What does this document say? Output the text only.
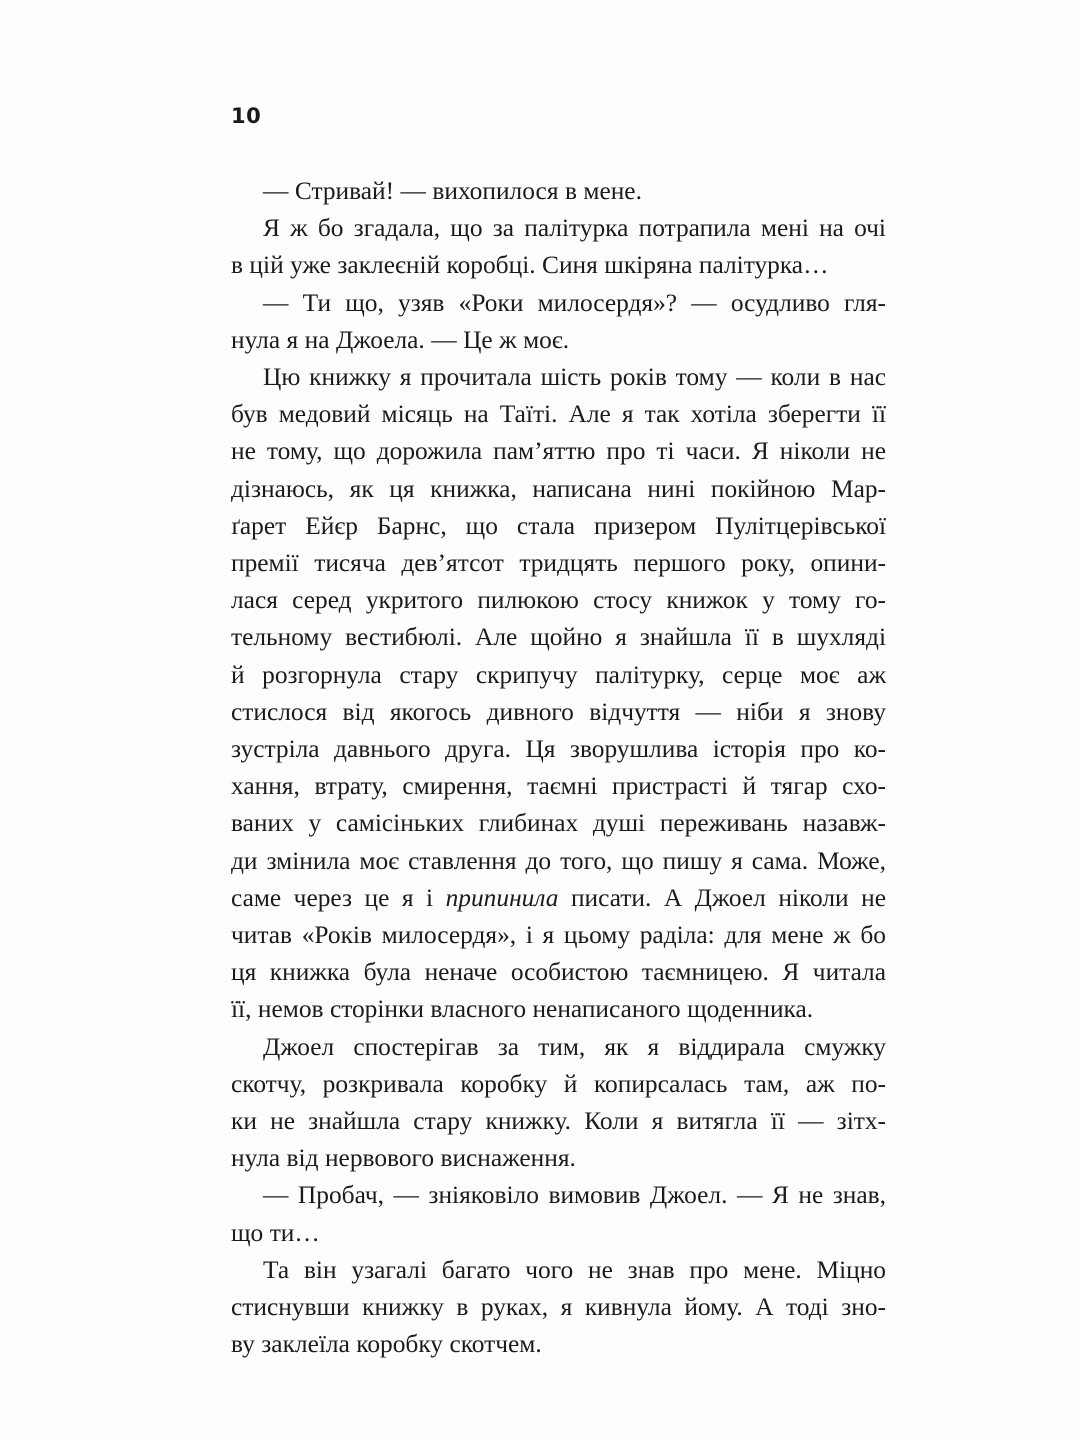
10

— Стривай! — вихопилося в мене.

Я ж бо згадала, що за палітурка потрапила мені на очі
в цій уже заклеєній коробці. Синя шкіряна палітурка…

— Ти що, узяв «Роки милосердя»? — осудливо гля-
нула я на Джоела. — Це ж моє.

Цю книжку я прочитала шість років тому — коли в нас
був медовий місяць на Таїті. Але я так хотіла зберегти її
не тому, що дорожила пам’яттю про ті часи. Я ніколи не
дізнаюсь, як ця книжка, написана нині покійною Мар-
ґарет Ейєр Барнс, що стала призером Пулітцерівської
премії тисяча дев’ятсот тридцять першого року, опини-
лася серед укритого пилюкою стосу книжок у тому го-
тельному вестибюлі. Але щойно я знайшла її в шухляді
й розгорнула стару скрипучу палітурку, серце моє аж
стислося від якогось дивного відчуття — ніби я знову
зустріла давнього друга. Ця зворушлива історія про ко-
хання, втрату, смирення, таємні пристрасті й тягар схо-
ваних у самісіньких глибинах душі переживань назавж-
ди змінила моє ставлення до того, що пишу я сама. Може,
саме через це я і припинила писати. А Джоел ніколи не
читав «Років милосердя», і я цьому раділа: для мене ж бо
ця книжка була неначе особистою таємницею. Я читала
її, немов сторінки власного ненаписаного щоденника.

Джоел спостерігав за тим, як я віддирала смужку
скотчу, розкривала коробку й копирсалась там, аж по-
ки не знайшла стару книжку. Коли я витягла її — зітх-
нула від нервового виснаження.

— Пробач, — зніяковіло вимовив Джоел. — Я не знав,
що ти…

Та він узагалі багато чого не знав про мене. Міцно
стиснувши книжку в руках, я кивнула йому. А тоді зно-
ву заклеїла коробку скотчем.
